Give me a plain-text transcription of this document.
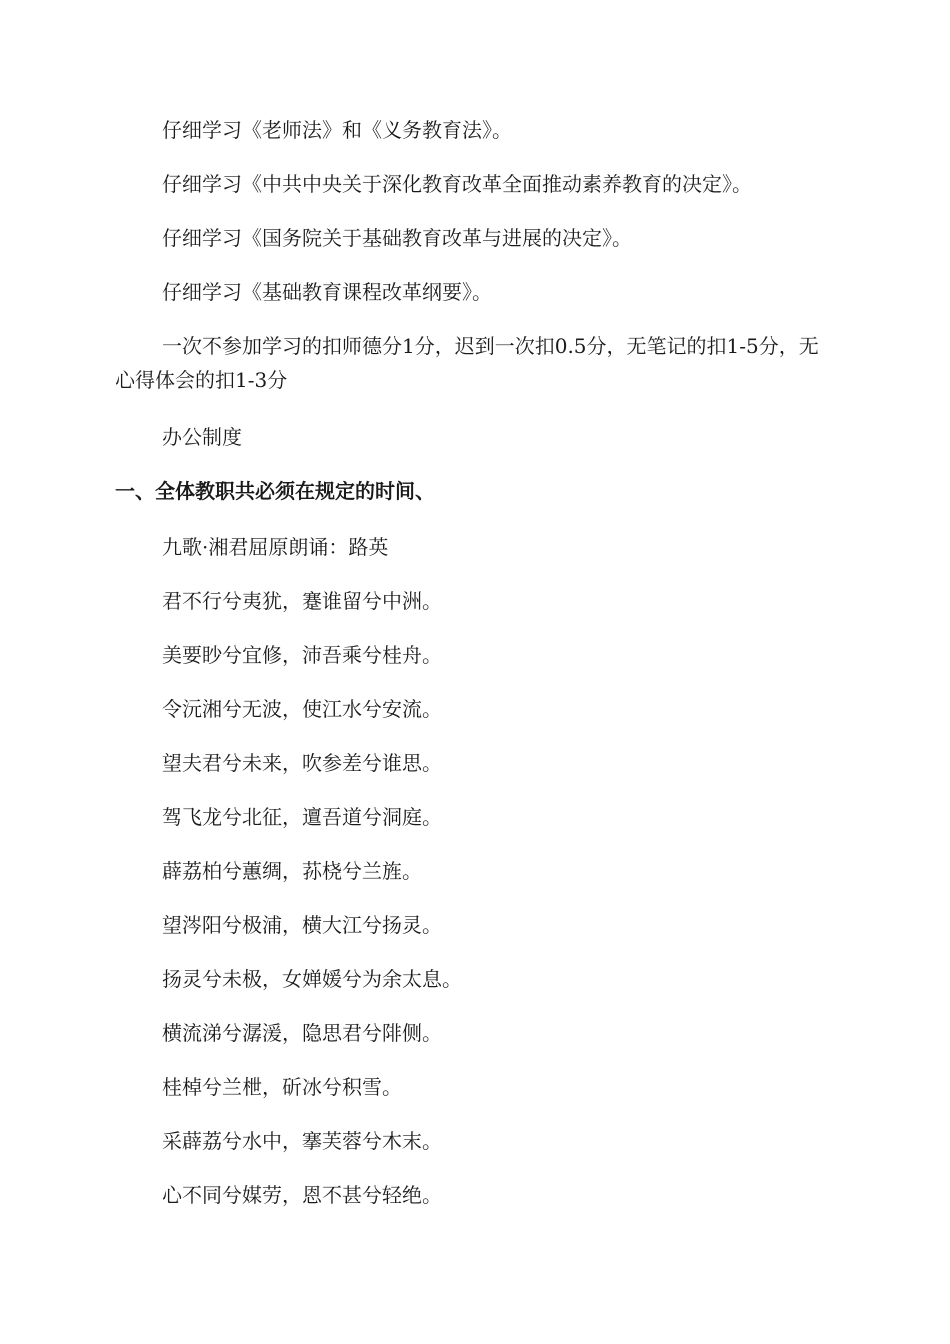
仔细学习《老师法》和《义务教育法》。
仔细学习《中共中央关于深化教育改革全面推动素养教育的决定》。
仔细学习《国务院关于基础教育改革与进展的决定》。
仔细学习《基础教育课程改革纲要》。
一次不参加学习的扣师德分1分，迟到一次扣0.5分，无笔记的扣1-5分，无心得体会的扣1-3分
办公制度
一、全体教职共必须在规定的时间、
九歌·湘君屈原朗诵：路英
君不行兮夷犹，蹇谁留兮中洲。
美要眇兮宜修，沛吾乘兮桂舟。
令沅湘兮无波，使江水兮安流。
望夫君兮未来，吹参差兮谁思。
驾飞龙兮北征，邅吾道兮洞庭。
薜荔柏兮蕙绸，荪桡兮兰旌。
望涔阳兮极浦，横大江兮扬灵。
扬灵兮未极，女婵媛兮为余太息。
横流涕兮潺湲，隐思君兮陫侧。
桂棹兮兰枻，斫冰兮积雪。
采薜荔兮水中，搴芙蓉兮木末。
心不同兮媒劳，恩不甚兮轻绝。
